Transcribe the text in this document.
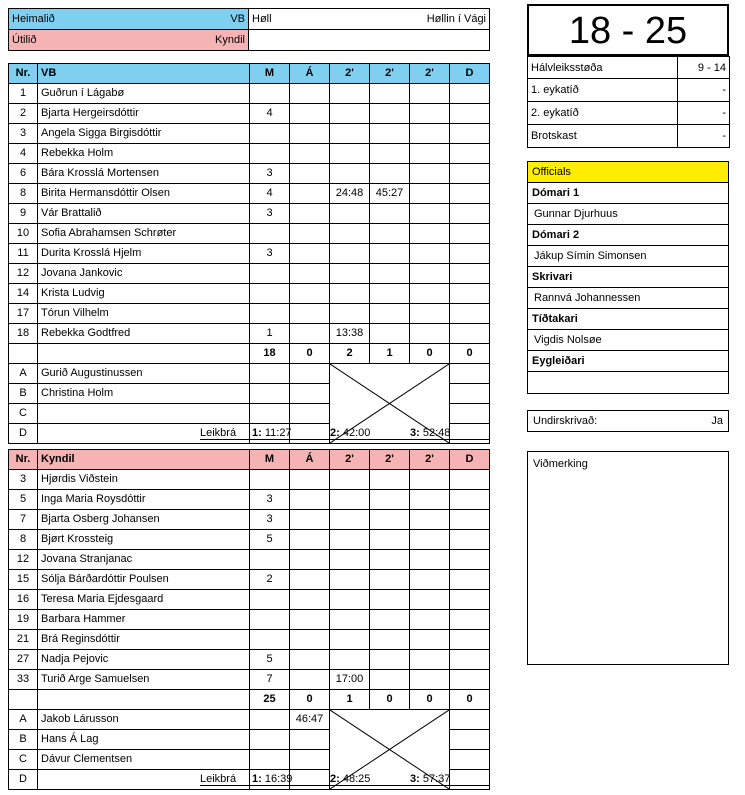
Heimalið VB	Høll Høllin í Vági

Útilið Kyndil	
		18 - 25
Hálvleiksstøða	9 - 14
1. eykatíð	-
2. eykatíð	-
Brotskast	-
Officials
Dómari 1
Gunnar Djurhuus
Dómari 2
Jákup Símin Simonsen
Skrivari
Rannvá Johannessen
Tíðtakari
Vigdis Nolsøe
Eygleiðari
Undirskrivað:	Ja
Viðmerking
Nr.	VB	M	Á	2'	2'	2'	D
1	Guðrun í Lágabø						
2	Bjarta Hergeirsdóttir	4					
3	Angela Sigga Birgisdóttir						
4	Rebekka Holm						
6	Bára Krosslá Mortensen	3					
8	Birita Hermansdóttir Olsen	4		24:48	45:27		
9	Vár Brattalið	3					
10	Sofia Abrahamsen Schrøter						
11	Durita Krosslá Hjelm	3					
12	Jovana Jankovic						
14	Krista Ludvig						
17	Tórun Vilhelm						
18	Rebekka Godtfred	1		13:38			
		18	0	2	1	0	0
A	Gurið Augustinussen			

B	Christina Holm						
C							
D							
Nr.	Kyndil	M	Á	2'	2'	2'	D
3	Hjørdis Viðstein						
5	Inga Maria Roysdóttir	3					
7	Bjarta Osberg Johansen	3					
8	Bjørt Krossteig	5					
12	Jovana Stranjanac						
15	Sólja Bárðardóttir Poulsen	2					
16	Teresa Maria Ejdesgaard						
19	Barbara Hammer						
21	Brá Reginsdóttir						
27	Nadja Pejovic	5					
33	Turið Arge Samuelsen	7		17:00			
		25	0	1	0	0	0
A	Jakob Lárusson		46:47	

B	Hans Á Lag						
C	Dávur Clementsen						
D							
Leikbrá 1: 11:27	2: 42:00	3: 52:48
Leikbrá 1: 16:39	2: 48:25	3: 57:37
